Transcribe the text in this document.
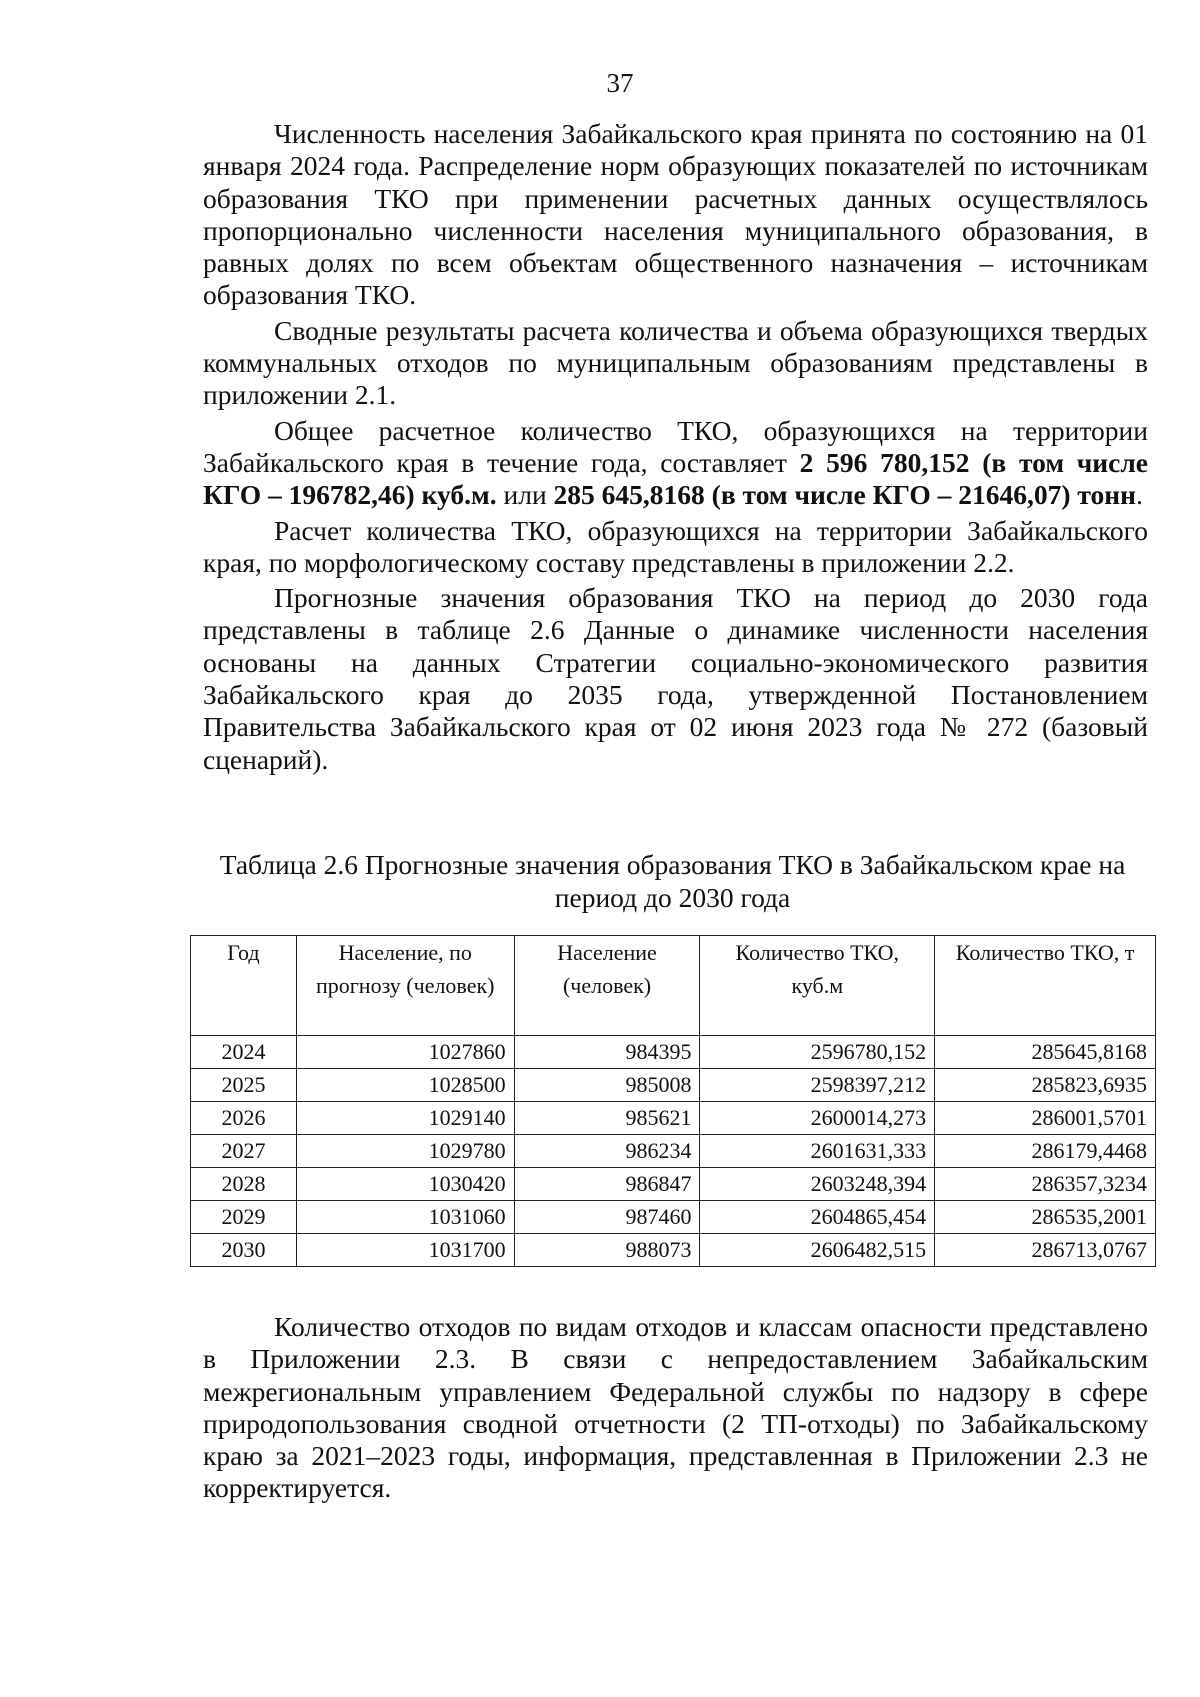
37

Численность населения Забайкальского края принята по состоянию на 01 января 2024 года. Распределение норм образующих показателей по источникам образования ТКО при применении расчетных данных осуществлялось пропорционально численности населения муниципального образования, в равных долях по всем объектам общественного назначения – источникам образования ТКО.

Сводные результаты расчета количества и объема образующихся твердых коммунальных отходов по муниципальным образованиям представлены в приложении 2.1.

Общее расчетное количество ТКО, образующихся на территории Забайкальского края в течение года, составляет 2 596 780,152 (в том числе КГО – 196782,46) куб.м. или 285 645,8168 (в том числе КГО – 21646,07) тонн.

Расчет количества ТКО, образующихся на территории Забайкальского края, по морфологическому составу представлены в приложении 2.2.

Прогнозные значения образования ТКО на период до 2030 года представлены в таблице 2.6 Данные о динамике численности населения основаны на данных Стратегии социально-экономического развития Забайкальского края до 2035 года, утвержденной Постановлением Правительства Забайкальского края от 02 июня 2023 года № 272 (базовый сценарий).

Таблица 2.6 Прогнозные значения образования ТКО в Забайкальском крае на период до 2030 года
Год	Население, по прогнозу (человек)	Население (человек)	Количество ТКО, куб.м	Количество ТКО, т
2024	1027860	984395	2596780,152	285645,8168
2025	1028500	985008	2598397,212	285823,6935
2026	1029140	985621	2600014,273	286001,5701
2027	1029780	986234	2601631,333	286179,4468
2028	1030420	986847	2603248,394	286357,3234
2029	1031060	987460	2604865,454	286535,2001
2030	1031700	988073	2606482,515	286713,0767

Количество отходов по видам отходов и классам опасности представлено в Приложении 2.3. В связи с непредоставлением Забайкальским межрегиональным управлением Федеральной службы по надзору в сфере природопользования сводной отчетности (2 ТП-отходы) по Забайкальскому краю за 2021–2023 годы, информация, представленная в Приложении 2.3 не корректируется.
